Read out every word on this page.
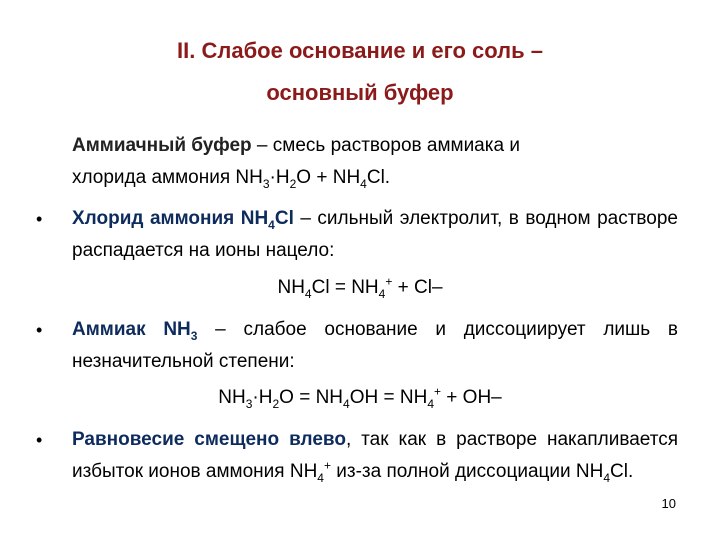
II. Слабое основание и его соль –
основный буфер
Аммиачный буфер – смесь растворов аммиака и
хлорида аммония $NH_3\cdot H_2O + NH_4Cl$.
• Хлорид аммония $NH_4Cl$ – сильный электролит, в водном растворе распадается на ионы нацело:
$NH_4Cl = NH_4^+ + Cl-$
• Аммиак $NH_3$ – слабое основание и диссоциирует лишь в незначительной степени:
$NH_3\cdot H_2O = NH_4OH = NH_4^+ + OH-$
• Равновесие смещено влево, так как в растворе накапливается избыток ионов аммония $NH_4^+$ из-за полной диссоциации $NH_4Cl$.
10
